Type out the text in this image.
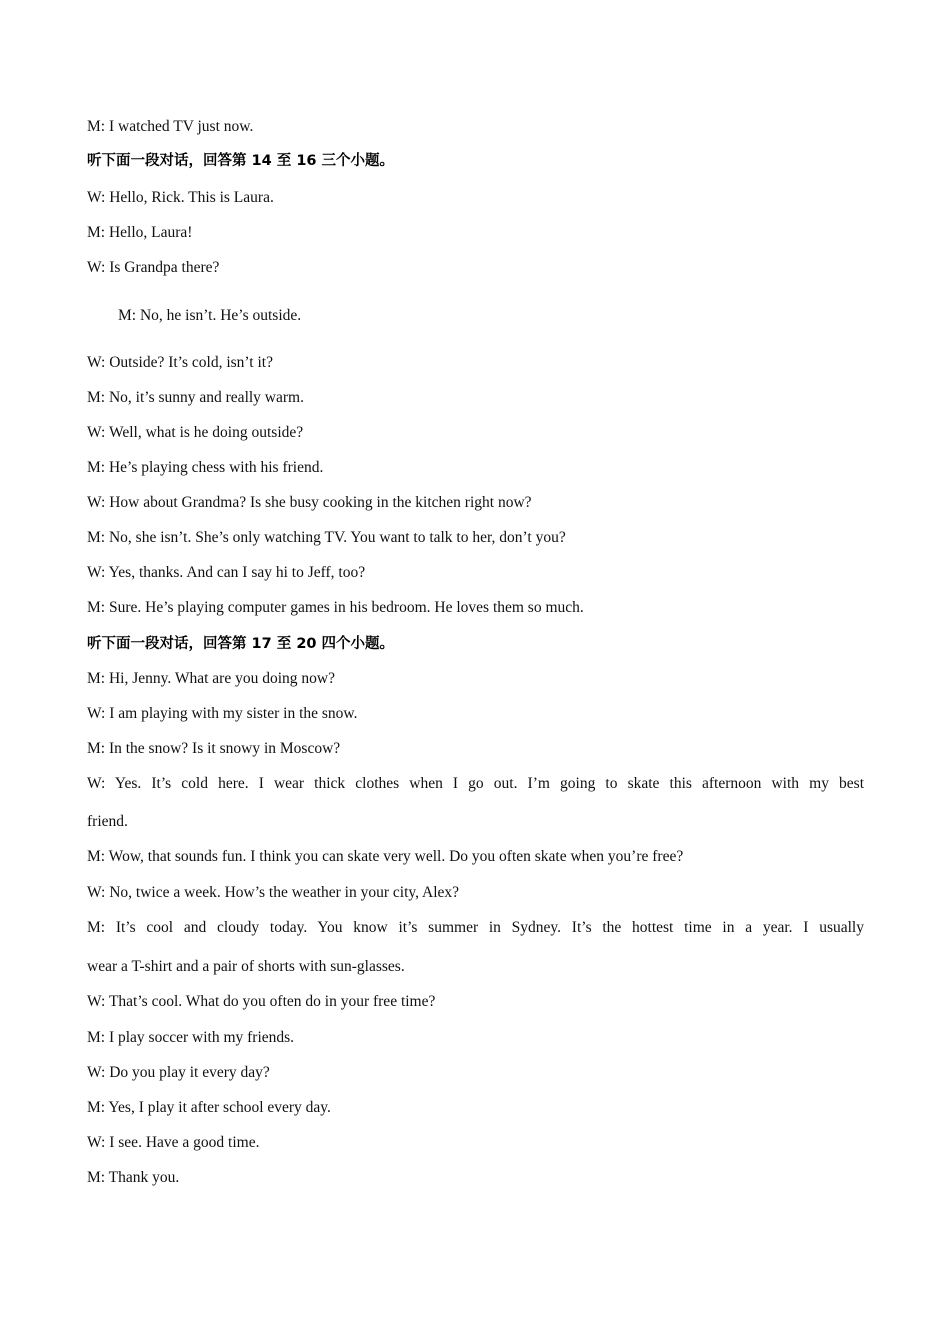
M: I watched TV just now.
听下面一段对话，回答第 14 至 16 三个小题。
W: Hello, Rick. This is Laura.
M: Hello, Laura!
W: Is Grandpa there?
M: No, he isn’t. He’s outside.
W: Outside? It’s cold, isn’t it?
M: No, it’s sunny and really warm.
W: Well, what is he doing outside?
M: He’s playing chess with his friend.
W: How about Grandma? Is she busy cooking in the kitchen right now?
M: No, she isn’t. She’s only watching TV. You want to talk to her, don’t you?
W: Yes, thanks. And can I say hi to Jeff, too?
M: Sure. He’s playing computer games in his bedroom. He loves them so much.
听下面一段对话，回答第 17 至 20 四个小题。
M: Hi, Jenny. What are you doing now?
W: I am playing with my sister in the snow.
M: In the snow? Is it snowy in Moscow?
W: Yes. It’s cold here. I wear thick clothes when I go out. I’m going to skate this afternoon with my best
friend.
M: Wow, that sounds fun. I think you can skate very well. Do you often skate when you’re free?
W: No, twice a week. How’s the weather in your city, Alex?
M: It’s cool and cloudy today. You know it’s summer in Sydney. It’s the hottest time in a year. I usually
wear a T-shirt and a pair of shorts with sun-glasses.
W: That’s cool. What do you often do in your free time?
M: I play soccer with my friends.
W: Do you play it every day?
M: Yes, I play it after school every day.
W: I see. Have a good time.
M: Thank you.
